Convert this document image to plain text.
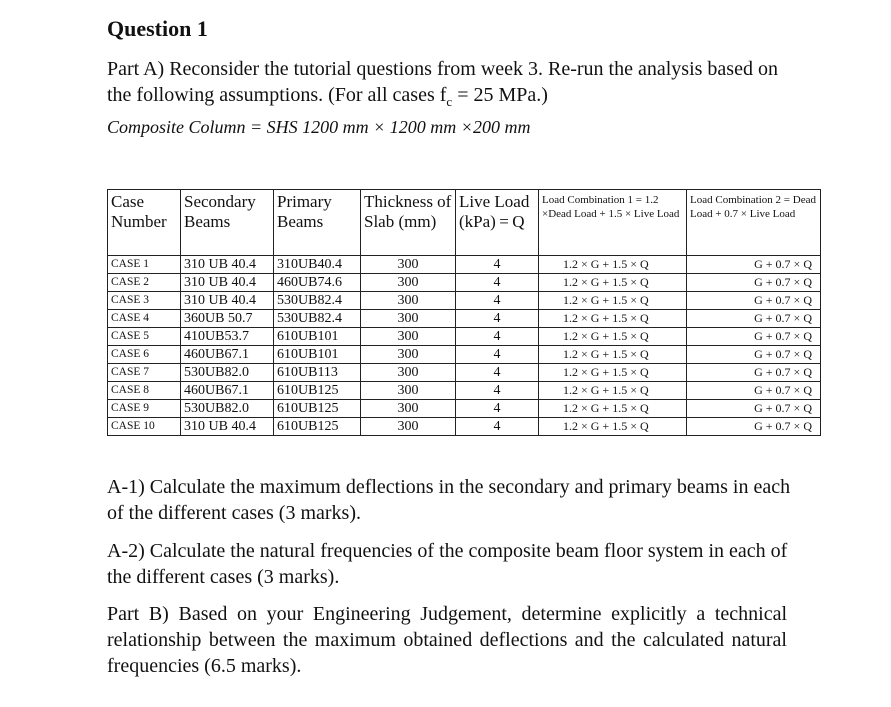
Question 1

Part A) Reconsider the tutorial questions from week 3. Re-run the analysis based on the following assumptions. (For all cases $f_c = 25$ MPa.)

Composite Column = SHS 1200 mm × 1200 mm ×200 mm
Case Number	Secondary Beams	Primary Beams	Thickness of Slab (mm)	Live Load (kPa) = Q	Load Combination 1 = 1.2 ×Dead Load + 1.5 × Live Load	Load Combination 2 = Dead Load + 0.7 × Live Load
CASE 1	310 UB 40.4	310UB40.4	300	4	1.2 × G + 1.5 × Q	G + 0.7 × Q
CASE 2	310 UB 40.4	460UB74.6	300	4	1.2 × G + 1.5 × Q	G + 0.7 × Q
CASE 3	310 UB 40.4	530UB82.4	300	4	1.2 × G + 1.5 × Q	G + 0.7 × Q
CASE 4	360UB 50.7	530UB82.4	300	4	1.2 × G + 1.5 × Q	G + 0.7 × Q
CASE 5	410UB53.7	610UB101	300	4	1.2 × G + 1.5 × Q	G + 0.7 × Q
CASE 6	460UB67.1	610UB101	300	4	1.2 × G + 1.5 × Q	G + 0.7 × Q
CASE 7	530UB82.0	610UB113	300	4	1.2 × G + 1.5 × Q	G + 0.7 × Q
CASE 8	460UB67.1	610UB125	300	4	1.2 × G + 1.5 × Q	G + 0.7 × Q
CASE 9	530UB82.0	610UB125	300	4	1.2 × G + 1.5 × Q	G + 0.7 × Q
CASE 10	310 UB 40.4	610UB125	300	4	1.2 × G + 1.5 × Q	G + 0.7 × Q

A-1) Calculate the maximum deflections in the secondary and primary beams in each of the different cases (3 marks).

A-2) Calculate the natural frequencies of the composite beam floor system in each of the different cases (3 marks).

Part B) Based on your Engineering Judgement, determine explicitly a technical relationship between the maximum obtained deflections and the calculated natural frequencies (6.5 marks).
